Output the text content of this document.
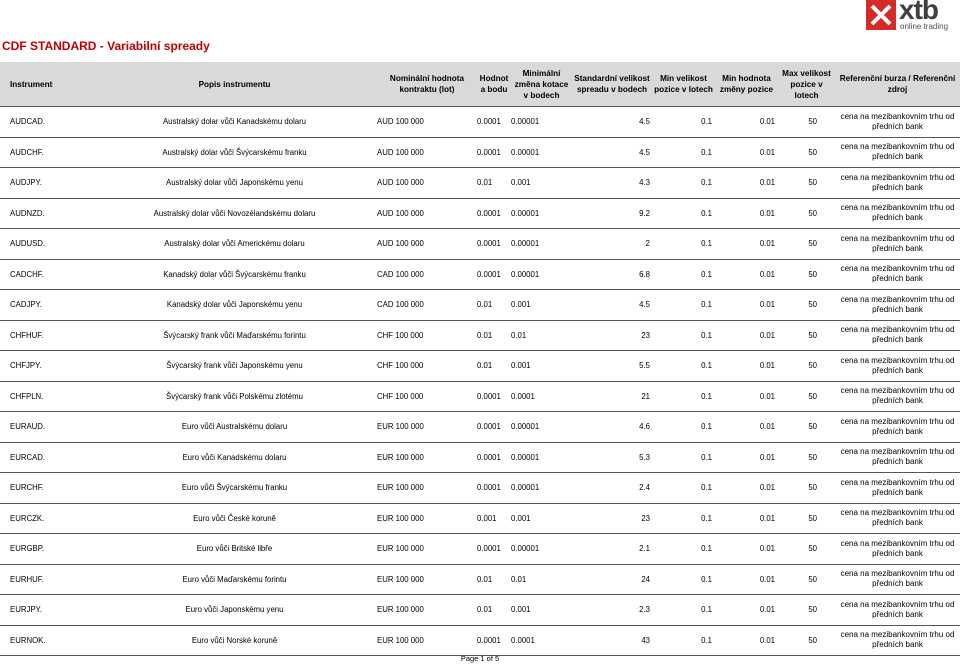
xtb
online trading
CDF STANDARD - Variabilní spready
Instrument	Popis instrumentu	Nominální hodnota kontraktu (lot)	Hodnot a bodu	Minimální změna kotace v bodech	Standardní velikost spreadu v bodech	Min velikost pozice v lotech	Min hodnota změny pozice	Max velikost pozice v lotech	Referenční burza / Referenční zdroj
AUDCAD.	Australský dolar vůči Kanadskému dolaru	AUD 100 000	0.0001	0.00001	4.5	0.1	0.01	50	cena na mezibankovním trhu od předních bank
AUDCHF.	Australský dolar vůči Švýcarskému franku	AUD 100 000	0.0001	0.00001	4.5	0.1	0.01	50	cena na mezibankovním trhu od předních bank
AUDJPY.	Australský dolar vůči Japonskému yenu	AUD 100 000	0.01	0.001	4.3	0.1	0.01	50	cena na mezibankovním trhu od předních bank
AUDNZD.	Australský dolar vůči Novozélandskému dolaru	AUD 100 000	0.0001	0.00001	9.2	0.1	0.01	50	cena na mezibankovním trhu od předních bank
AUDUSD.	Australský dolar vůči Americkému dolaru	AUD 100 000	0.0001	0.00001	2	0.1	0.01	50	cena na mezibankovním trhu od předních bank
CADCHF.	Kanadský dolar vůči Švýcarskému franku	CAD 100 000	0.0001	0.00001	6.8	0.1	0.01	50	cena na mezibankovním trhu od předních bank
CADJPY.	Kanadský dolar vůči Japonskému yenu	CAD 100 000	0.01	0.001	4.5	0.1	0.01	50	cena na mezibankovním trhu od předních bank
CHFHUF.	Švýcarský frank vůči Maďarskému forintu	CHF 100 000	0.01	0.01	23	0.1	0.01	50	cena na mezibankovním trhu od předních bank
CHFJPY.	Švýcarský frank vůči Japonskému yenu	CHF 100 000	0.01	0.001	5.5	0.1	0.01	50	cena na mezibankovním trhu od předních bank
CHFPLN.	Švýcarský frank vůči Polskému zlotému	CHF 100 000	0.0001	0.0001	21	0.1	0.01	50	cena na mezibankovním trhu od předních bank
EURAUD.	Euro vůči Australskému dolaru	EUR 100 000	0.0001	0.00001	4.6	0.1	0.01	50	cena na mezibankovním trhu od předních bank
EURCAD.	Euro vůči Kanadskému dolaru	EUR 100 000	0.0001	0.00001	5.3	0.1	0.01	50	cena na mezibankovním trhu od předních bank
EURCHF.	Euro vůči Švýcarskému franku	EUR 100 000	0.0001	0.00001	2.4	0.1	0.01	50	cena na mezibankovním trhu od předních bank
EURCZK.	Euro vůči České koruně	EUR 100 000	0.001	0.001	23	0.1	0.01	50	cena na mezibankovním trhu od předních bank
EURGBP.	Euro vůči Britské libře	EUR 100 000	0.0001	0.00001	2.1	0.1	0.01	50	cena na mezibankovním trhu od předních bank
EURHUF.	Euro vůči Maďarskému forintu	EUR 100 000	0.01	0.01	24	0.1	0.01	50	cena na mezibankovním trhu od předních bank
EURJPY.	Euro vůči Japonskému yenu	EUR 100 000	0.01	0.001	2.3	0.1	0.01	50	cena na mezibankovním trhu od předních bank
EURNOK.	Euro vůči Norské koruně	EUR 100 000	0.0001	0.0001	43	0.1	0.01	50	cena na mezibankovním trhu od předních bank
Page 1 of 5
